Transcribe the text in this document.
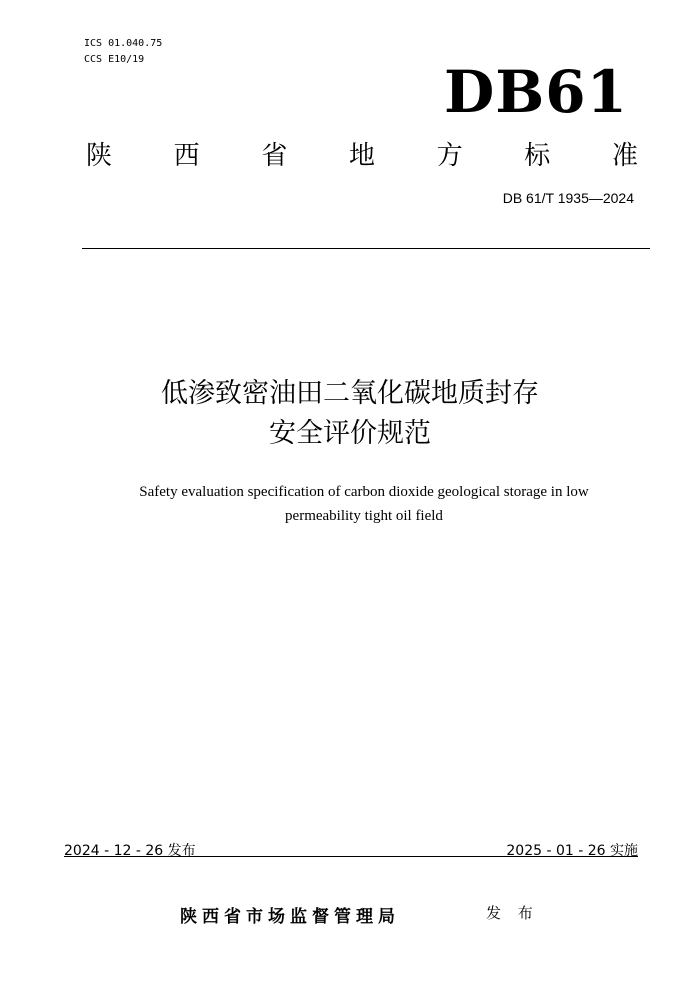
ICS 01.040.75
CCS E10/19	DB61
陕 西 省 地 方 标 准
DB 61/T 1935—2024
低渗致密油田二氧化碳地质封存
安全评价规范
Safety evaluation specification of carbon dioxide geological storage in low
permeability tight oil field
2024 - 12 - 26 发布	2025 - 01 - 26 实施
陕西省市场监督管理局	发 布
